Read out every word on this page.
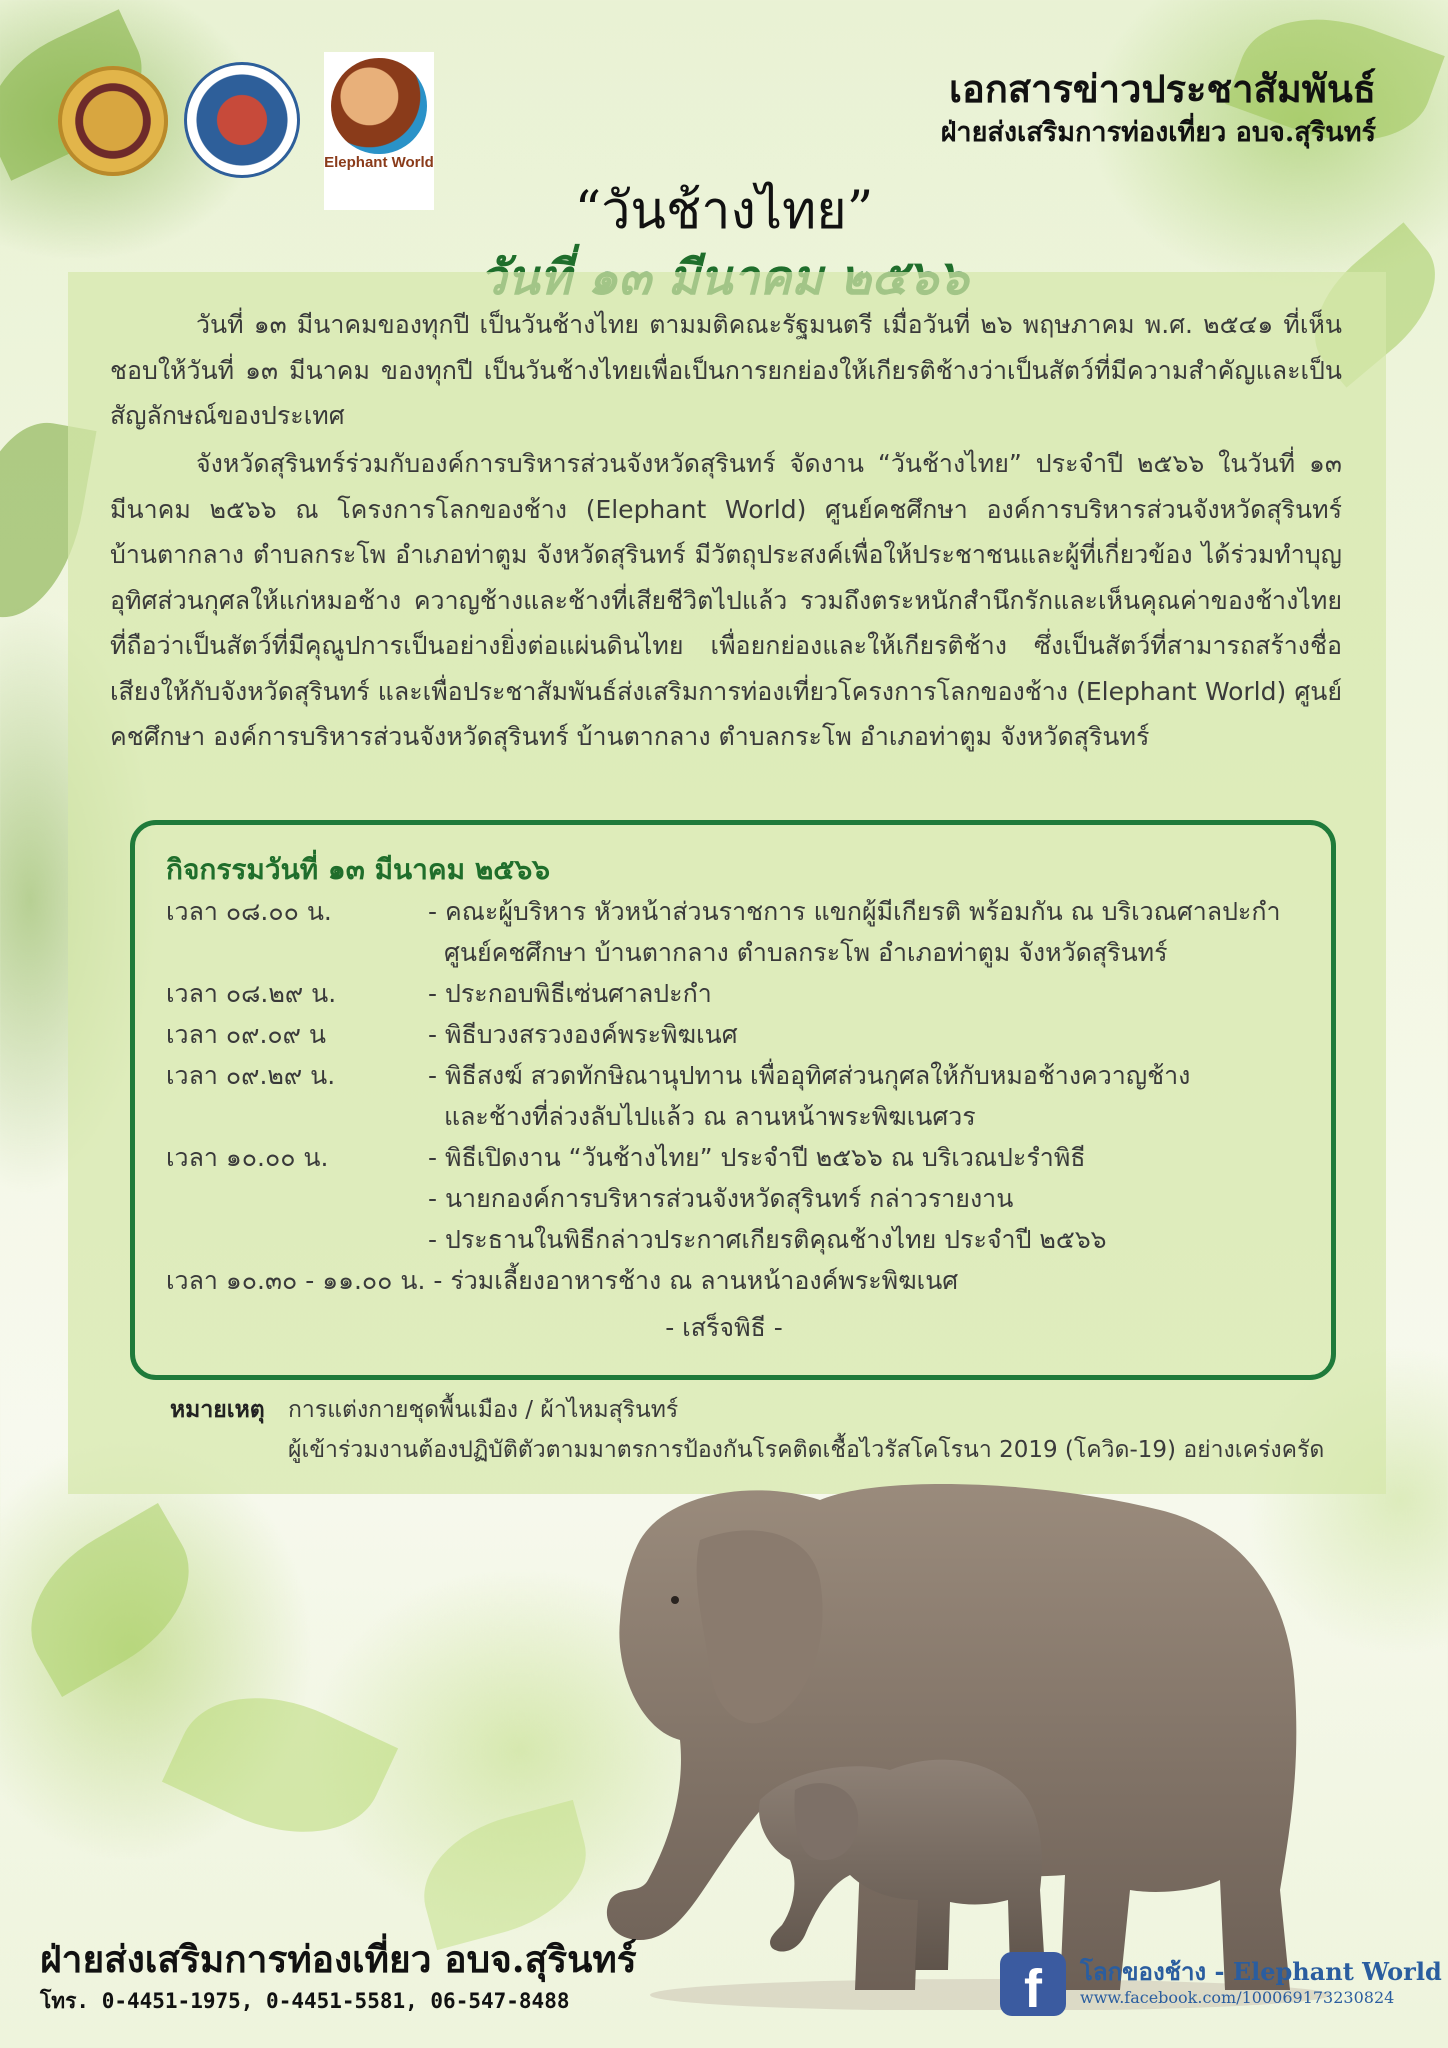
Elephant World
เอกสารข่าวประชาสัมพันธ์
ฝ่ายส่งเสริมการท่องเที่ยว อบจ.สุรินทร์
“วันช้างไทย”
วันที่ ๑๓ มีนาคมของทุกปี เป็นวันช้างไทย ตามมติคณะรัฐมนตรี เมื่อวันที่ ๒๖ พฤษภาคม พ.ศ. ๒๕๔๑ ที่เห็นชอบให้วันที่ ๑๓ มีนาคม ของทุกปี เป็นวันช้างไทยเพื่อเป็นการยกย่องให้เกียรติช้างว่าเป็นสัตว์ที่มีความสำคัญและเป็นสัญลักษณ์ของประเทศ
จังหวัดสุรินทร์ร่วมกับองค์การบริหารส่วนจังหวัดสุรินทร์ จัดงาน “วันช้างไทย” ประจำปี ๒๕๖๖ ในวันที่ ๑๓ มีนาคม ๒๕๖๖ ณ โครงการโลกของช้าง (Elephant World) ศูนย์คชศึกษา องค์การบริหารส่วนจังหวัดสุรินทร์ บ้านตากลาง ตำบลกระโพ อำเภอท่าตูม จังหวัดสุรินทร์ มีวัตถุประสงค์เพื่อให้ประชาชนและผู้ที่เกี่ยวข้อง ได้ร่วมทำบุญอุทิศส่วนกุศลให้แก่หมอช้าง ควาญช้างและช้างที่เสียชีวิตไปแล้ว รวมถึงตระหนักสำนึกรักและเห็นคุณค่าของช้างไทยที่ถือว่าเป็นสัตว์ที่มีคุณูปการเป็นอย่างยิ่งต่อแผ่นดินไทย เพื่อยกย่องและให้เกียรติช้าง ซึ่งเป็นสัตว์ที่สามารถสร้างชื่อเสียงให้กับจังหวัดสุรินทร์ และเพื่อประชาสัมพันธ์ส่งเสริมการท่องเที่ยวโครงการโลกของช้าง (Elephant World) ศูนย์คชศึกษา องค์การบริหารส่วนจังหวัดสุรินทร์ บ้านตากลาง ตำบลกระโพ อำเภอท่าตูม จังหวัดสุรินทร์
กิจกรรมวันที่ ๑๓ มีนาคม ๒๕๖๖
เวลา ๐๘.๐๐ น.	- คณะผู้บริหาร หัวหน้าส่วนราชการ แขกผู้มีเกียรติ พร้อมกัน ณ บริเวณศาลปะกำ
ศูนย์คชศึกษา บ้านตากลาง ตำบลกระโพ อำเภอท่าตูม จังหวัดสุรินทร์
เวลา ๐๘.๒๙ น.	- ประกอบพิธีเซ่นศาลปะกำ
เวลา ๐๙.๐๙ น	- พิธีบวงสรวงองค์พระพิฆเนศ
เวลา ๐๙.๒๙ น.	- พิธีสงฆ์ สวดทักษิณานุปทาน เพื่ออุทิศส่วนกุศลให้กับหมอช้างควาญช้าง
และช้างที่ล่วงลับไปแล้ว ณ ลานหน้าพระพิฆเนศวร
เวลา ๑๐.๐๐ น.	- พิธีเปิดงาน “วันช้างไทย” ประจำปี ๒๕๖๖ ณ บริเวณปะรำพิธี
- นายกองค์การบริหารส่วนจังหวัดสุรินทร์ กล่าวรายงาน
- ประธานในพิธีกล่าวประกาศเกียรติคุณช้างไทย ประจำปี ๒๕๖๖
เวลา ๑๐.๓๐ - ๑๑.๐๐ น. - ร่วมเลี้ยงอาหารช้าง ณ ลานหน้าองค์พระพิฆเนศ
- เสร็จพิธี -
หมายเหตุ การแต่งกายชุดพื้นเมือง / ผ้าไหมสุรินทร์
ผู้เข้าร่วมงานต้องปฏิบัติตัวตามมาตรการป้องกันโรคติดเชื้อไวรัสโคโรนา 2019 (โควิด-19) อย่างเคร่งครัด
ฝ่ายส่งเสริมการท่องเที่ยว อบจ.สุรินทร์
โทร. 0-4451-1975, 0-4451-5581, 06-547-8488	f	โลกของช้าง - Elephant World
www.facebook.com/100069173230824
